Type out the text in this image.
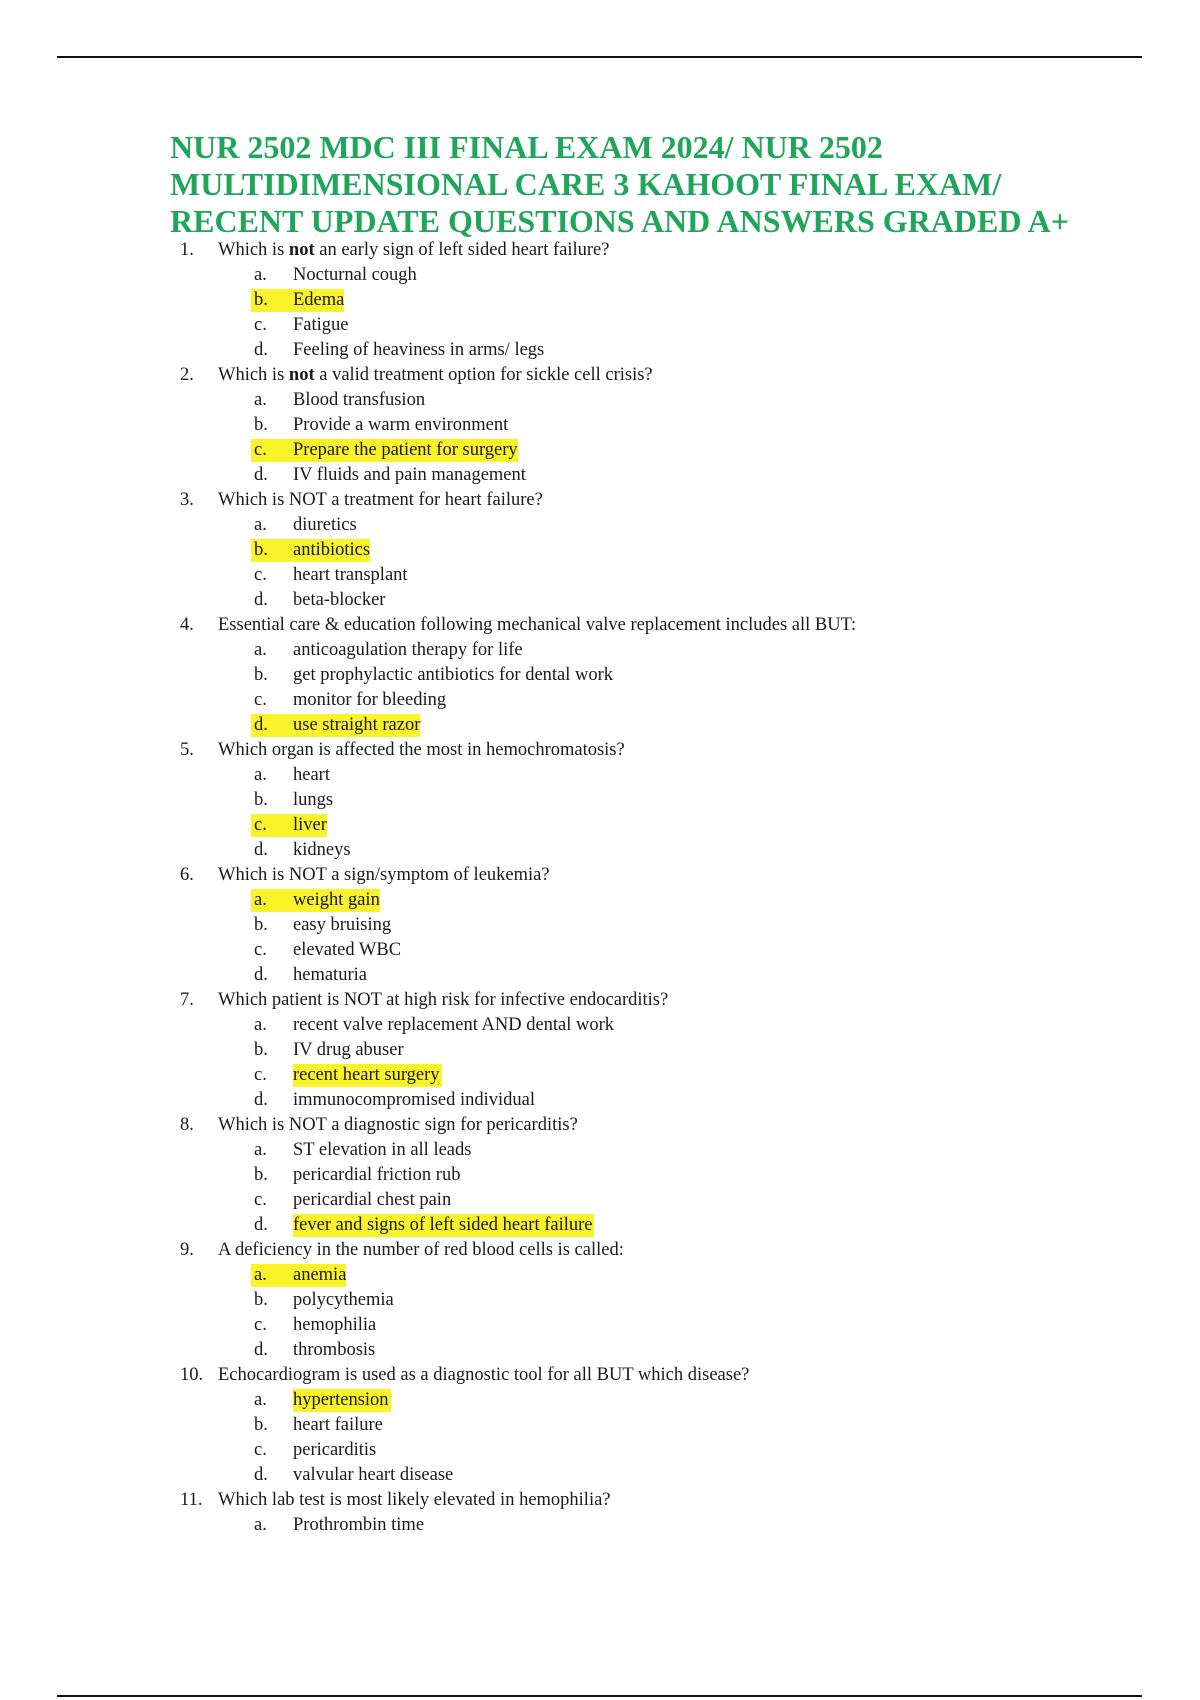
NUR 2502 MDC III FINAL EXAM 2024/ NUR 2502
MULTIDIMENSIONAL CARE 3 KAHOOT FINAL EXAM/
RECENT UPDATE QUESTIONS AND ANSWERS GRADED A+
1.	Which is not an early sign of left sided heart failure?
a. Nocturnal cough
b. Edema
c. Fatigue
d. Feeling of heaviness in arms/ legs
2.	Which is not a valid treatment option for sickle cell crisis?
a. Blood transfusion
b. Provide a warm environment
c. Prepare the patient for surgery
d. IV fluids and pain management
3.	Which is NOT a treatment for heart failure?
a. diuretics
b. antibiotics
c. heart transplant
d. beta-blocker
4.	Essential care & education following mechanical valve replacement includes all BUT:
a. anticoagulation therapy for life
b. get prophylactic antibiotics for dental work
c. monitor for bleeding
d. use straight razor
5.	Which organ is affected the most in hemochromatosis?
a. heart
b. lungs
c. liver
d. kidneys
6.	Which is NOT a sign/symptom of leukemia?
a. weight gain
b. easy bruising
c. elevated WBC
d. hematuria
7.	Which patient is NOT at high risk for infective endocarditis?
a. recent valve replacement AND dental work
b. IV drug abuser
c. recent heart surgery
d. immunocompromised individual
8.	Which is NOT a diagnostic sign for pericarditis?
a. ST elevation in all leads
b. pericardial friction rub
c. pericardial chest pain
d. fever and signs of left sided heart failure
9.	A deficiency in the number of red blood cells is called:
a. anemia
b. polycythemia
c. hemophilia
d. thrombosis
10. Echocardiogram is used as a diagnostic tool for all BUT which disease?
a. hypertension
b. heart failure
c. pericarditis
d. valvular heart disease
11. Which lab test is most likely elevated in hemophilia?
a. Prothrombin time
